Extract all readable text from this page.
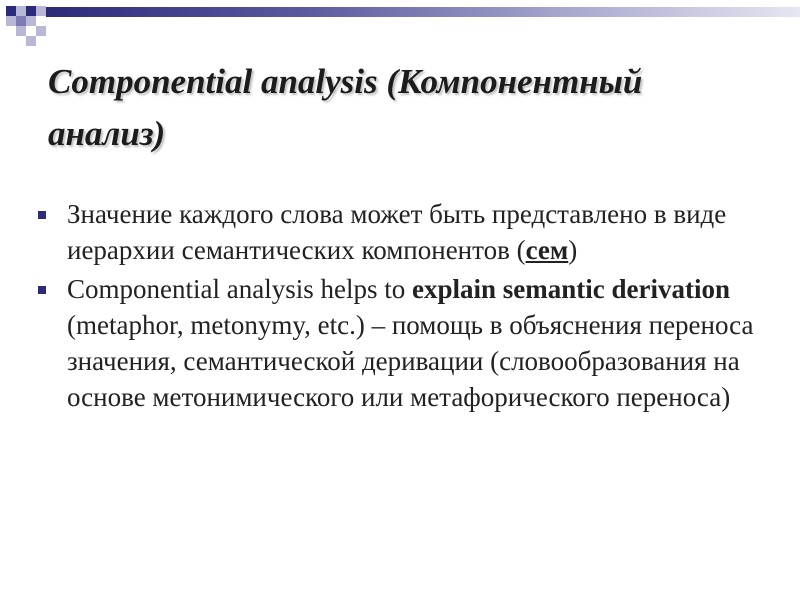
Componential analysis (Компонентный анализ)
Значение каждого слова может быть представлено в виде иерархии семантических компонентов (сем)
Componential analysis helps to explain semantic derivation (metaphor, metonymy, etc.) – помощь в объяснения переноса значения, семантической деривации (словообразования на основе метонимического или метафорического переноса)
